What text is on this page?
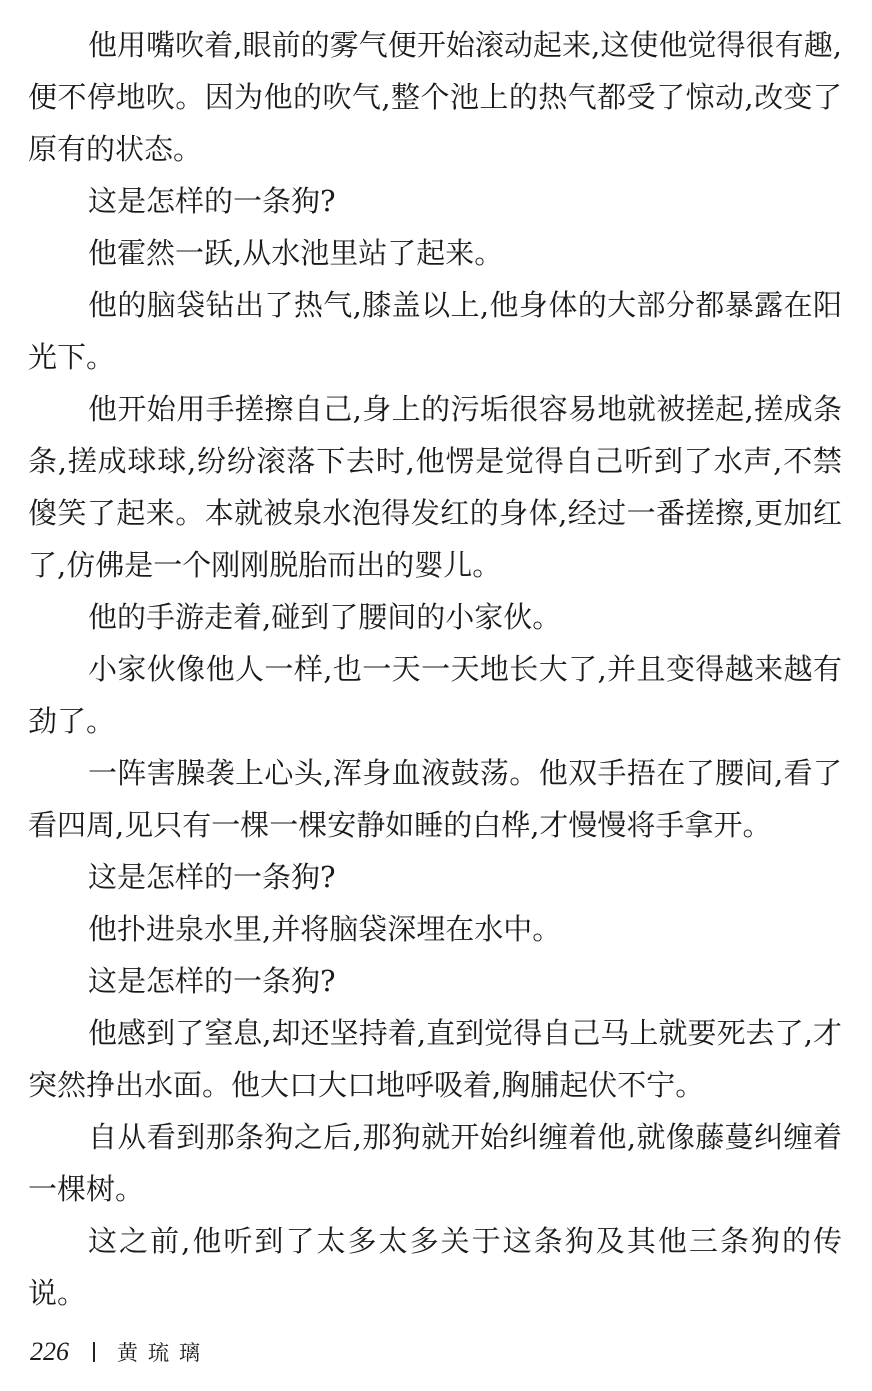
他用嘴吹着,眼前的雾气便开始滚动起来,这使他觉得很有趣,便不停地吹。因为他的吹气,整个池上的热气都受了惊动,改变了原有的状态。

这是怎样的一条狗?

他霍然一跃,从水池里站了起来。

他的脑袋钻出了热气,膝盖以上,他身体的大部分都暴露在阳光下。

他开始用手搓擦自己,身上的污垢很容易地就被搓起,搓成条条,搓成球球,纷纷滚落下去时,他愣是觉得自己听到了水声,不禁傻笑了起来。本就被泉水泡得发红的身体,经过一番搓擦,更加红了,仿佛是一个刚刚脱胎而出的婴儿。

他的手游走着,碰到了腰间的小家伙。

小家伙像他人一样,也一天一天地长大了,并且变得越来越有劲了。

一阵害臊袭上心头,浑身血液鼓荡。他双手捂在了腰间,看了看四周,见只有一棵一棵安静如睡的白桦,才慢慢将手拿开。

这是怎样的一条狗?

他扑进泉水里,并将脑袋深埋在水中。

这是怎样的一条狗?

他感到了窒息,却还坚持着,直到觉得自己马上就要死去了,才突然挣出水面。他大口大口地呼吸着,胸脯起伏不宁。

自从看到那条狗之后,那狗就开始纠缠着他,就像藤蔓纠缠着一棵树。

这之前,他听到了太多太多关于这条狗及其他三条狗的传说。

226 黄琉璃
